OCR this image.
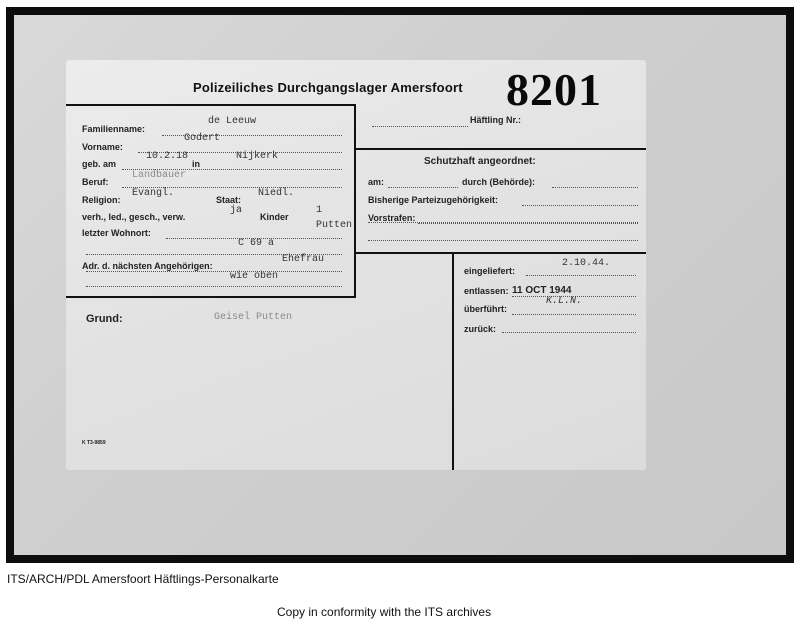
Polizeiliches Durchgangslager Amersfoort 8201
Häftling Nr.:
Familienname:
de Leeuw
Vorname:
Godert
geb. am
10.2.18
in
Nijkerk
Beruf:
Landbauer
Religion:
Evangl.
Staat:
Niedl.
verh., led., gesch., verw.
ja
Kinder
1
letzter Wohnort:
Putten
C 69 a
Adr. d. nächsten Angehörigen:
Ehefrau
wie oben
Schutzhaft angeordnet:
am:	durch (Behörde):
Bisherige Parteizugehörigkeit:
Vorstrafen:
eingeliefert:
2.10.44.
entlassen: 11 OCT 1944
überführt:
K.L.N.
zurück:
Grund:	Geisel Putten
K T3-9859
ITS/ARCH/PDL Amersfoort Häftlings-Personalkarte
Copy in conformity with the ITS archives
